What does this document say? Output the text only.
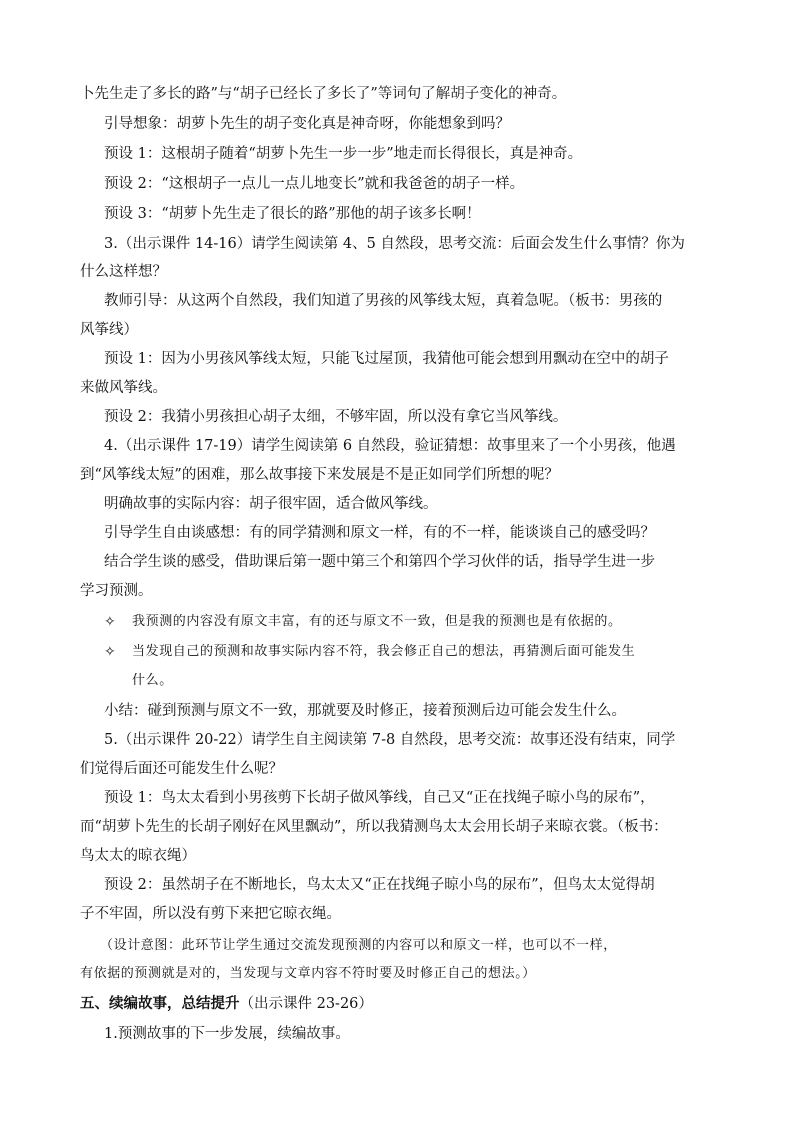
卜先生走了多长的路”与“胡子已经长了多长了”等词句了解胡子变化的神奇。
引导想象：胡萝卜先生的胡子变化真是神奇呀，你能想象到吗？
预设 1：这根胡子随着“胡萝卜先生一步一步”地走而长得很长，真是神奇。
预设 2：“这根胡子一点儿一点儿地变长”就和我爸爸的胡子一样。
预设 3：“胡萝卜先生走了很长的路”那他的胡子该多长啊！
3.（出示课件 14-16）请学生阅读第 4、5 自然段，思考交流：后面会发生什么事情？你为
什么这样想？
教师引导：从这两个自然段，我们知道了男孩的风筝线太短，真着急呢。（板书：男孩的
风筝线）
预设 1：因为小男孩风筝线太短，只能飞过屋顶，我猜他可能会想到用飘动在空中的胡子
来做风筝线。
预设 2：我猜小男孩担心胡子太细，不够牢固，所以没有拿它当风筝线。
4.（出示课件 17-19）请学生阅读第 6 自然段，验证猜想：故事里来了一个小男孩，他遇
到“风筝线太短”的困难，那么故事接下来发展是不是正如同学们所想的呢？
明确故事的实际内容：胡子很牢固，适合做风筝线。
引导学生自由谈感想：有的同学猜测和原文一样，有的不一样，能谈谈自己的感受吗？
结合学生谈的感受，借助课后第一题中第三个和第四个学习伙伴的话，指导学生进一步
学习预测。
✧ 我预测的内容没有原文丰富，有的还与原文不一致，但是我的预测也是有依据的。
✧ 当发现自己的预测和故事实际内容不符，我会修正自己的想法，再猜测后面可能发生
什么。
小结：碰到预测与原文不一致，那就要及时修正，接着预测后边可能会发生什么。
5.（出示课件 20-22）请学生自主阅读第 7-8 自然段，思考交流：故事还没有结束，同学
们觉得后面还可能发生什么呢？
预设 1：鸟太太看到小男孩剪下长胡子做风筝线，自己又“正在找绳子晾小鸟的尿布”，
而“胡萝卜先生的长胡子刚好在风里飘动”，所以我猜测鸟太太会用长胡子来晾衣裳。（板书：
鸟太太的晾衣绳）
预设 2：虽然胡子在不断地长，鸟太太又“正在找绳子晾小鸟的尿布”，但鸟太太觉得胡
子不牢固，所以没有剪下来把它晾衣绳。
（设计意图：此环节让学生通过交流发现预测的内容可以和原文一样，也可以不一样，
有依据的预测就是对的，当发现与文章内容不符时要及时修正自己的想法。）
五、续编故事，总结提升（出示课件 23-26）
1.预测故事的下一步发展，续编故事。
